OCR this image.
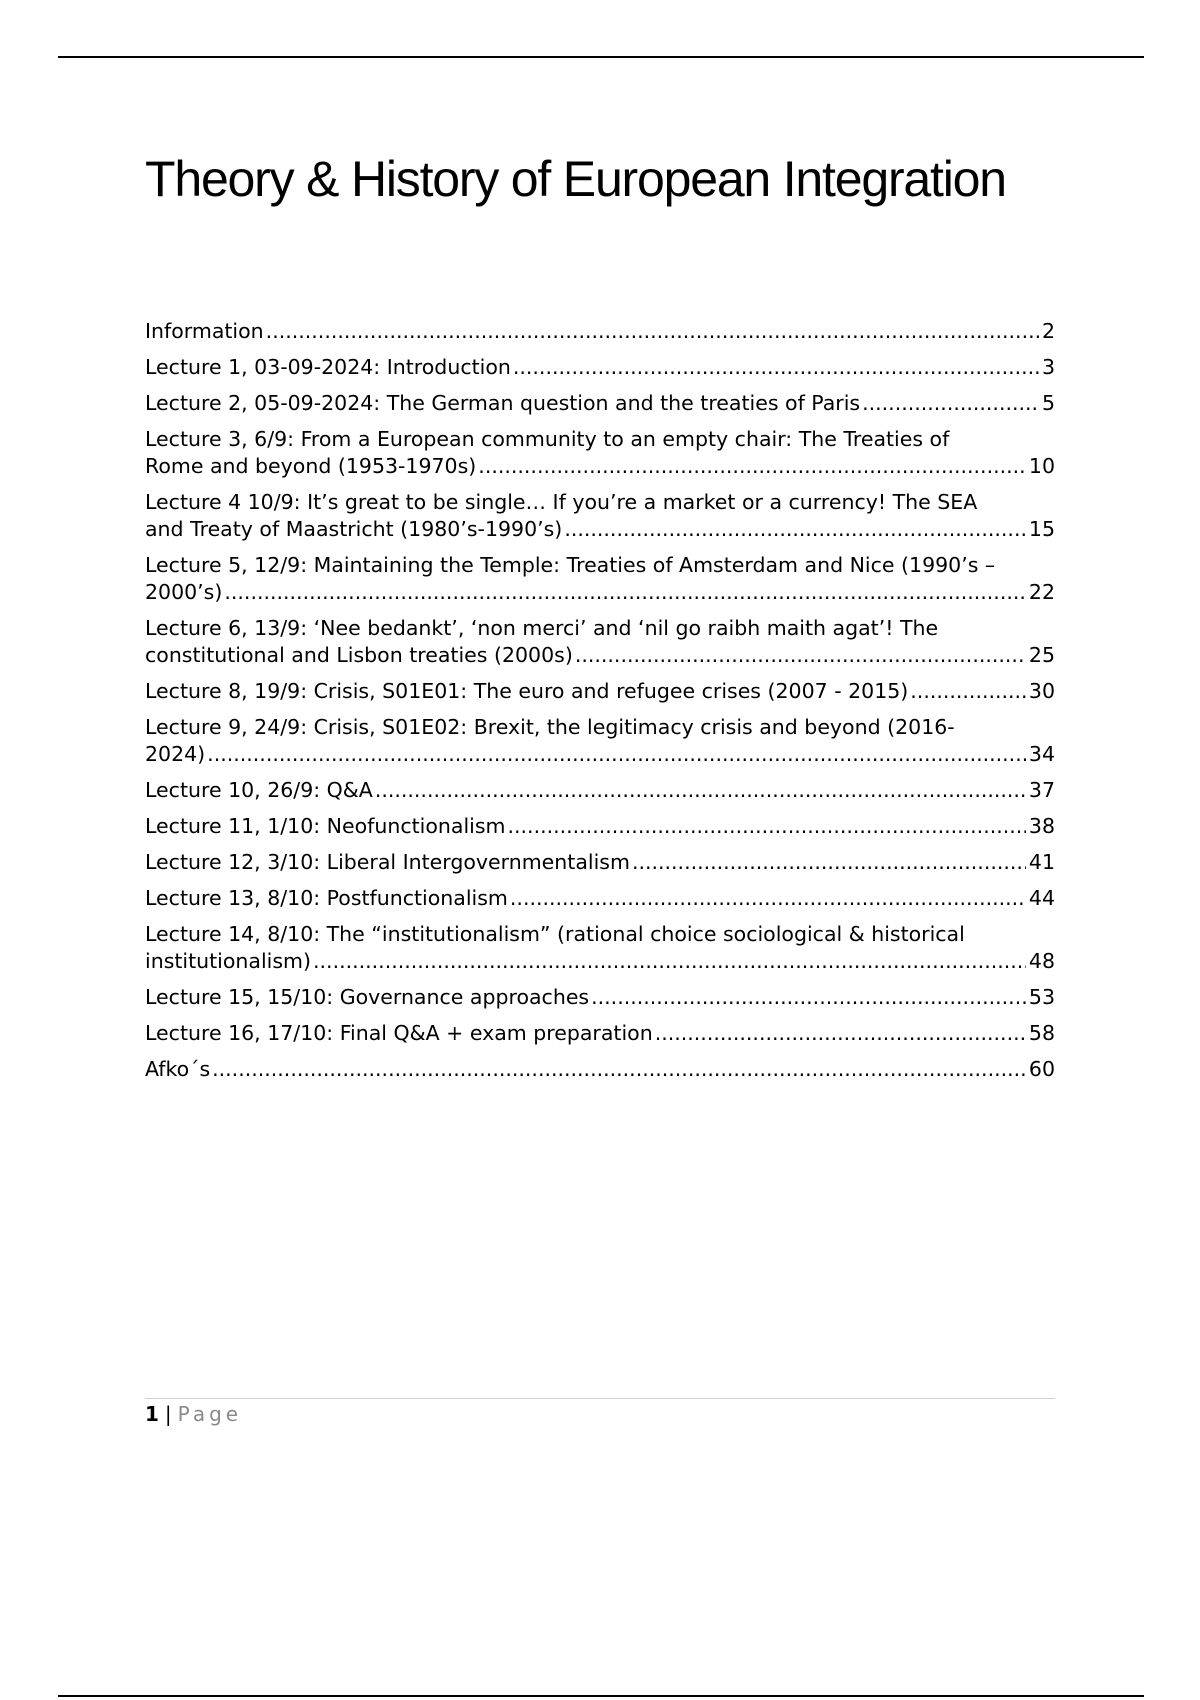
Theory & History of European Integration
Information .....	2
Lecture 1, 03-09-2024: Introduction .....	3
Lecture 2, 05-09-2024: The German question and the treaties of Paris .....	5
Lecture 3, 6/9: From a European community to an empty chair: The Treaties of Rome and beyond (1953-1970s) .....	10
Lecture 4 10/9: It’s great to be single… If you’re a market or a currency! The SEA and Treaty of Maastricht (1980’s-1990’s) .....	15
Lecture 5, 12/9: Maintaining the Temple: Treaties of Amsterdam and Nice (1990’s – 2000’s) .....	22
Lecture 6, 13/9: ‘Nee bedankt’, ‘non merci’ and ‘nil go raibh maith agat’! The constitutional and Lisbon treaties (2000s) .....	25
Lecture 8, 19/9: Crisis, S01E01: The euro and refugee crises (2007 - 2015) .....	30
Lecture 9, 24/9: Crisis, S01E02: Brexit, the legitimacy crisis and beyond (2016-2024) .....	34
Lecture 10, 26/9: Q&A .....	37
Lecture 11, 1/10: Neofunctionalism .....	38
Lecture 12, 3/10: Liberal Intergovernmentalism .....	41
Lecture 13, 8/10: Postfunctionalism .....	44
Lecture 14, 8/10: The “institutionalism” (rational choice sociological & historical institutionalism) .....	48
Lecture 15, 15/10: Governance approaches .....	53
Lecture 16, 17/10: Final Q&A + exam preparation .....	58
Afko´s .....	60
1 | Page
